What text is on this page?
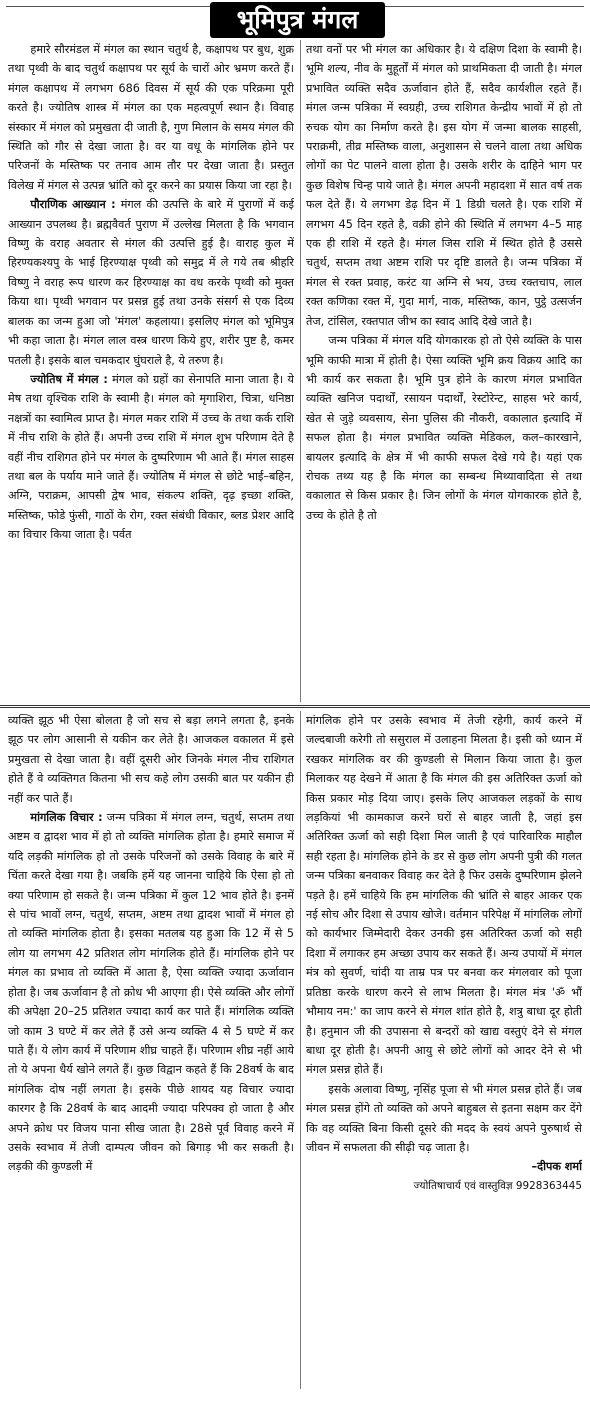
भूमिपुत्र मंगल

हमारे सौरमंडल में मंगल का स्थान चतुर्थ है, कक्षापथ पर बुध, शुक्र तथा पृथ्वी के बाद चतुर्थ कक्षापथ पर सूर्य के चारों ओर भ्रमण करते हैं। मंगल कक्षापथ में लगभग 686 दिवस में सूर्य की एक परिक्रमा पूरी करते है। ज्योतिष शास्त्र में मंगल का एक महत्वपूर्ण स्थान है। विवाह संस्कार में मंगल को प्रमुखता दी जाती है, गुण मिलान के समय मंगल की स्थिति को गौर से देखा जाता है। वर या वधू के मांगलिक होने पर परिजनों के मस्तिष्क पर तनाव आम तौर पर देखा जाता है। प्रस्तुत विलेख में मंगल से उत्पन्न भ्रांति को दूर करने का प्रयास किया जा रहा है।

पौराणिक आख्यान : मंगल की उत्पत्ति के बारे में पुराणों में कई आख्यान उपलब्ध है। ब्रह्मवैवर्त पुराण में उल्लेख मिलता है कि भगवान विष्णु के वराह अवतार से मंगल की उत्पत्ति हुई है। वाराह कुल में हिरण्यकश्यपु के भाई हिरण्याक्ष पृथ्वी को समुद्र में ले गये तब श्रीहरि विष्णु ने वराह रूप धारण कर हिरण्याक्ष का वध करके पृथ्वी को मुक्त किया था। पृथ्वी भगवान पर प्रसन्न हुई तथा उनके संसर्ग से एक दिव्य बालक का जन्म हुआ जो 'मंगल' कहलाया। इसलिए मंगल को भूमिपुत्र भी कहा जाता है। मंगल लाल वस्त्र धारण किये हुए, शरीर पुष्ट है, कमर पतली है। इसके बाल चमकदार घुंघराले है, ये तरुण है।

ज्योतिष में मंगल : मंगल को ग्रहों का सेनापति माना जाता है। ये मेष तथा वृश्चिक राशि के स्वामी है। मंगल को मृगाशिरा, चित्रा, धनिष्ठा नक्षत्रों का स्वामित्व प्राप्त है। मंगल मकर राशि में उच्च के तथा कर्क राशि में नीच राशि के होते हैं। अपनी उच्च राशि में मंगल शुभ परिणाम देते है वहीं नीच राशिगत होने पर मंगल के दुष्परिणाम भी आते हैं। मंगल साहस तथा बल के पर्याय माने जाते हैं। ज्योतिष में मंगल से छोटे भाई–बहिन, अग्नि, पराक्रम, आपसी द्वेष भाव, संकल्प शक्ति, दृढ़ इच्छा शक्ति, मस्तिष्क, फोडे फुंसी, गाठों के रोग, रक्त संबंधी विकार, ब्लड प्रेशर आदि का विचार किया जाता है। पर्वत

तथा वनों पर भी मंगल का अधिकार है। ये दक्षिण दिशा के स्वामी है। भूमि शल्य, नीव के मुहूर्तों में मंगल को प्राथमिकता दी जाती है। मंगल प्रभावित व्यक्ति सदैव ऊर्जावान होते हैं, सदैव कार्यशील रहते हैं। मंगल जन्म पत्रिका में स्वग्रही, उच्च राशिगत केन्द्रीय भावों में हो तो रुचक योग का निर्माण करते है। इस योग में जन्मा बालक साहसी, पराक्रमी, तीव्र मस्तिष्क वाला, अनुशासन से चलने वाला तथा अधिक लोगों का पेट पालने वाला होता है। उसके शरीर के दाहिने भाग पर कुछ विशेष चिन्ह पाये जाते है। मंगल अपनी महादशा में सात वर्ष तक फल देते हैं। ये लगभग डेढ़ दिन में 1 डिग्री चलते है। एक राशि में लगभग 45 दिन रहते है, वक्री होने की स्थिति में लगभग 4–5 माह एक ही राशि में रहते है। मंगल जिस राशि में स्थित होते है उससे चतुर्थ, सप्तम तथा अष्टम राशि पर दृष्टि डालते है। जन्म पत्रिका में मंगल से रक्त प्रवाह, करंट या अग्नि से भय, उच्च रक्तचाप, लाल रक्त कणिका रक्त में, गुदा मार्ग, नाक, मस्तिष्क, कान, पुट्ठे उत्सर्जन तेज, टांसिल, रक्तपात जीभ का स्वाद आदि देखे जाते है।

जन्म पत्रिका में मंगल यदि योगकारक हो तो ऐसे व्यक्ति के पास भूमि काफी मात्रा में होती है। ऐसा व्यक्ति भूमि क्रय विक्रय आदि का भी कार्य कर सकता है। भूमि पुत्र होने के कारण मंगल प्रभावित व्यक्ति खनिज पदार्थों, रसायन पदार्थों, रेस्टोरेन्ट, साहस भरे कार्य, खेत से जुड़े व्यवसाय, सेना पुलिस की नौकरी, वकालात इत्यादि में सफल होता है। मंगल प्रभावित व्यक्ति मेडिकल, कल–कारखाने, बायलर इत्यादि के क्षेत्र में भी काफी सफल देखे गये है। यहां एक रोचक तथ्य यह है कि मंगल का सम्बन्ध मिथ्यावादिता से तथा वकालात से किस प्रकार है। जिन लोगों के मंगल योगकारक होते है, उच्च के होते है तो

व्यक्ति झूठ भी ऐसा बोलता है जो सच से बड़ा लगने लगता है, इनके झूठ पर लोग आसानी से यकीन कर लेते है। आजकल वकालत में इसे प्रमुखता से देखा जाता है। वहीं दूसरी ओर जिनके मंगल नीच राशिगत होते हैं वे व्यक्तिगत कितना भी सच कहे लोग उसकी बात पर यकीन ही नहीं कर पाते हैं।

मांगलिक विचार : जन्म पत्रिका में मंगल लग्न, चतुर्थ, सप्तम तथा अष्टम व द्वादश भाव में हो तो व्यक्ति मांगलिक होता है। हमारे समाज में यदि लड़की मांगलिक हो तो उसके परिजनों को उसके विवाह के बारे में चिंता करते देखा गया है। जबकि हमें यह जानना चाहिये कि ऐसा हो तो क्या परिणाम हो सकते है। जन्म पत्रिका में कुल 12 भाव होते है। इनमें से पांच भावों लग्न, चतुर्थ, सप्तम, अष्टम तथा द्वादश भावों में मंगल हो तो व्यक्ति मांगलिक होता है। इसका मतलब यह हुआ कि 12 में से 5 लोग या लगभग 42 प्रतिशत लोग मांगलिक होते हैं। मांगलिक होने पर मंगल का प्रभाव तो व्यक्ति में आता है, ऐसा व्यक्ति ज्यादा ऊर्जावान होता है। जब ऊर्जावान है तो क्रोध भी आएगा ही। ऐसे व्यक्ति और लोगों की अपेक्षा 20–25 प्रतिशत ज्यादा कार्य कर पाते हैं। मांगलिक व्यक्ति जो काम 3 घण्टे में कर लेते हैं उसे अन्य व्यक्ति 4 से 5 घण्टे में कर पाते हैं। ये लोग कार्य में परिणाम शीघ्र चाहते हैं। परिणाम शीघ्र नहीं आये तो ये अपना धैर्य खोने लगते हैं। कुछ विद्वान कहते हैं कि 28वर्ष के बाद मांगलिक दोष नहीं लगता है। इसके पीछे शायद यह विचार ज्यादा कारगर है कि 28वर्ष के बाद आदमी ज्यादा परिपक्व हो जाता है और अपने क्रोध पर विजय पाना सीख जाता है। 28से पूर्व विवाह करने में उसके स्वभाव में तेजी दाम्पत्य जीवन को बिगाड़ भी कर सकती है। लड़की की कुण्डली में

मांगलिक होने पर उसके स्वभाव में तेजी रहेगी, कार्य करने में जल्दबाजी करेगी तो ससुराल में उलाहना मिलता है। इसी को ध्यान में रखकर मांगलिक वर की कुण्डली से मिलान किया जाता है। कुल मिलाकर यह देखने में आता है कि मंगल की इस अतिरिक्त ऊर्जा को किस प्रकार मोड़ दिया जाए। इसके लिए आजकल लड़कों के साथ लड़कियां भी कामकाज करने घरों से बाहर जाती है, जहां इस अतिरिक्त ऊर्जा को सही दिशा मिल जाती है एवं पारिवारिक माहौल सही रहता है। मांगलिक होने के डर से कुछ लोग अपनी पुत्री की गलत जन्म पत्रिका बनवाकर विवाह कर देते है फिर उसके दुष्परिणाम झेलने पड़ते है। हमें चाहिये कि हम मांगलिक की भ्रांति से बाहर आकर एक नई सोच और दिशा से उपाय खोजे। वर्तमान परिपेक्ष में मांगलिक लोगों को कार्यभार जिम्मेदारी देकर उनकी इस अतिरिक्त ऊर्जा को सही दिशा में लगाकर हम अच्छा उपाय कर सकते हैं। अन्य उपायों में मंगल मंत्र को सुवर्ण, चांदी या ताम्र पत्र पर बनवा कर मंगलवार को पूजा प्रतिष्ठा करके धारण करने से लाभ मिलता है। मंगल मंत्र 'ॐ भौं भौमाय नम:' का जाप करने से मंगल शांत होते है, शत्रु बाधा दूर होती है। हनुमान जी की उपासना से बन्दरों को खाद्य वस्तुएं देने से मंगल बाधा दूर होती है। अपनी आयु से छोटे लोगों को आदर देने से भी मंगल प्रसन्न होते हैं।

इसके अलावा विष्णु, नृसिंह पूजा से भी मंगल प्रसन्न होते हैं। जब मंगल प्रसन्न होंगे तो व्यक्ति को अपने बाहुबल से इतना सक्षम कर देंगे कि वह व्यक्ति बिना किसी दूसरे की मदद के स्वयं अपने पुरुषार्थ से जीवन में सफलता की सीढ़ी चढ़ जाता है।

–दीपक शर्मा

ज्योतिषाचार्य एवं वास्तुविज्ञ 9928363445
